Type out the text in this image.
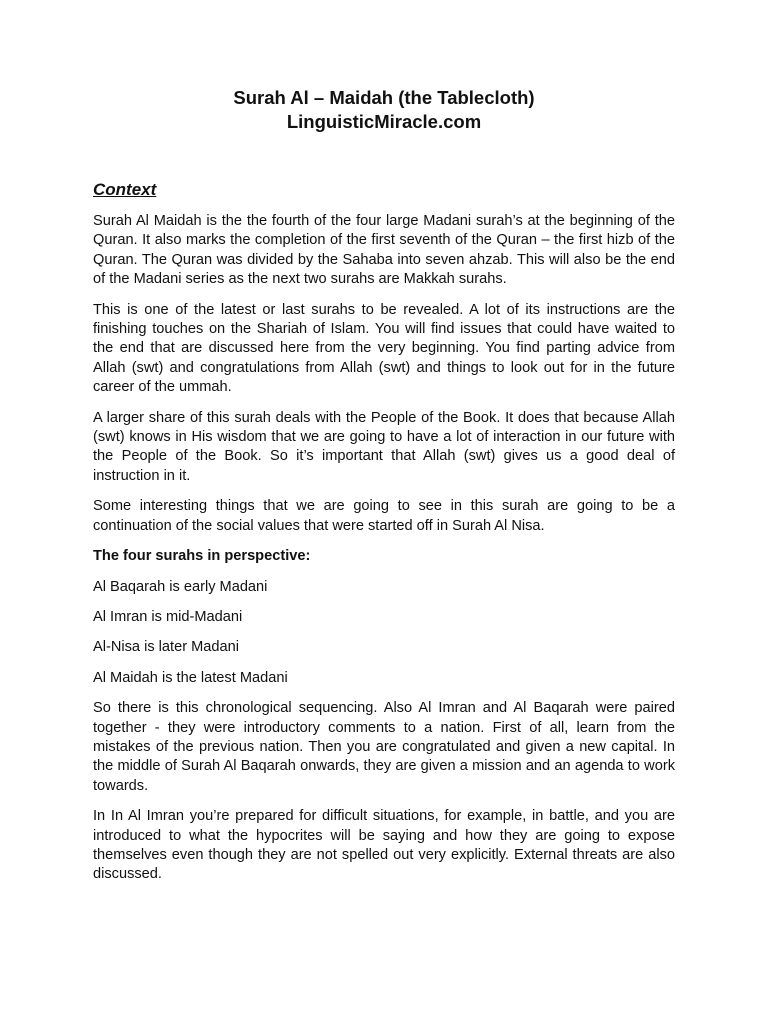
Surah Al – Maidah (the Tablecloth)
LinguisticMiracle.com
Context

Surah Al Maidah is the the fourth of the four large Madani surah’s at the beginning of the Quran. It also marks the completion of the first seventh of the Quran – the first hizb of the Quran. The Quran was divided by the Sahaba into seven ahzab. This will also be the end of the Madani series as the next two surahs are Makkah surahs.

This is one of the latest or last surahs to be revealed. A lot of its instructions are the finishing touches on the Shariah of Islam. You will find issues that could have waited to the end that are discussed here from the very beginning. You find parting advice from Allah (swt) and congratulations from Allah (swt) and things to look out for in the future career of the ummah.

A larger share of this surah deals with the People of the Book. It does that because Allah (swt) knows in His wisdom that we are going to have a lot of interaction in our future with the People of the Book. So it’s important that Allah (swt) gives us a good deal of instruction in it.

Some interesting things that we are going to see in this surah are going to be a continuation of the social values that were started off in Surah Al Nisa.

The four surahs in perspective:

Al Baqarah is early Madani

Al Imran is mid-Madani

Al-Nisa is later Madani

Al Maidah is the latest Madani

So there is this chronological sequencing. Also Al Imran and Al Baqarah were paired together - they were introductory comments to a nation. First of all, learn from the mistakes of the previous nation. Then you are congratulated and given a new capital. In the middle of Surah Al Baqarah onwards, they are given a mission and an agenda to work towards.

In In Al Imran you’re prepared for difficult situations, for example, in battle, and you are introduced to what the hypocrites will be saying and how they are going to expose themselves even though they are not spelled out very explicitly. External threats are also discussed.
